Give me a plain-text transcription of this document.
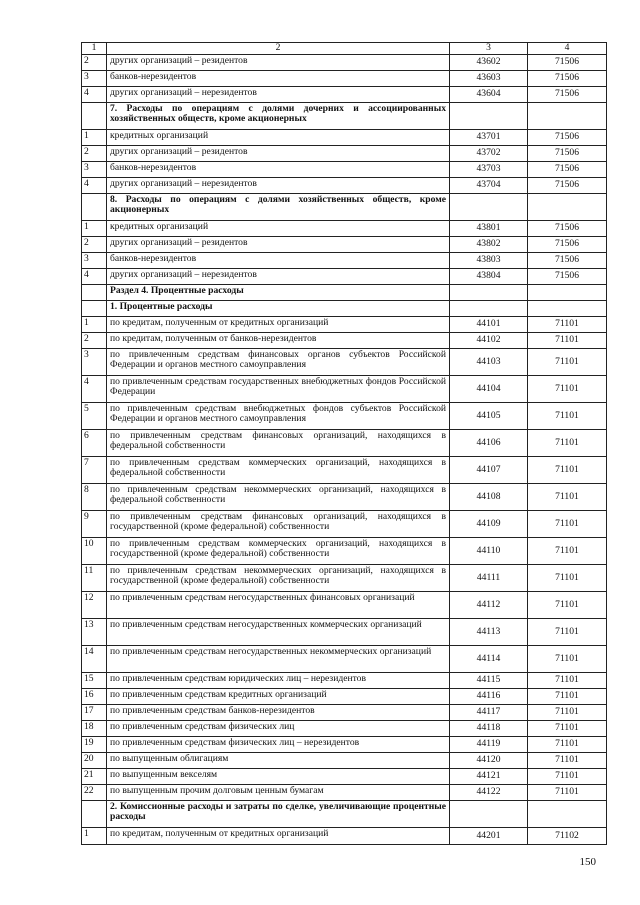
1	2	3	4
2	других организаций – резидентов	43602	71506
3	банков-нерезидентов	43603	71506
4	других организаций – нерезидентов	43604	71506
	7. Расходы по операциям с долями дочерних и ассоциированных хозяйственных обществ, кроме акционерных		
1	кредитных организаций	43701	71506
2	других организаций – резидентов	43702	71506
3	банков-нерезидентов	43703	71506
4	других организаций – нерезидентов	43704	71506
	8. Расходы по операциям с долями хозяйственных обществ, кроме акционерных		
1	кредитных организаций	43801	71506
2	других организаций – резидентов	43802	71506
3	банков-нерезидентов	43803	71506
4	других организаций – нерезидентов	43804	71506
	Раздел 4. Процентные расходы		
	1. Процентные расходы		
1	по кредитам, полученным от кредитных организаций	44101	71101
2	по кредитам, полученным от банков-нерезидентов	44102	71101
3	по привлеченным средствам финансовых органов субъектов Российской Федерации и органов местного самоуправления	44103	71101
4	по привлеченным средствам государственных внебюджетных фондов Российской Федерации	44104	71101
5	по привлеченным средствам внебюджетных фондов субъектов Российской Федерации и органов местного самоуправления	44105	71101
6	по привлеченным средствам финансовых организаций, находящихся в федеральной собственности	44106	71101
7	по привлеченным средствам коммерческих организаций, находящихся в федеральной собственности	44107	71101
8	по привлеченным средствам некоммерческих организаций, находящихся в федеральной собственности	44108	71101
9	по привлеченным средствам финансовых организаций, находящихся в государственной (кроме федеральной) собственности	44109	71101
10	по привлеченным средствам коммерческих организаций, находящихся в государственной (кроме федеральной) собственности	44110	71101
11	по привлеченным средствам некоммерческих организаций, находящихся в государственной (кроме федеральной) собственности	44111	71101
12	по привлеченным средствам негосударственных финансовых организаций	44112	71101
13	по привлеченным средствам негосударственных коммерческих организаций	44113	71101
14	по привлеченным средствам негосударственных некоммерческих организаций	44114	71101
15	по привлеченным средствам юридических лиц – нерезидентов	44115	71101
16	по привлеченным средствам кредитных организаций	44116	71101
17	по привлеченным средствам банков-нерезидентов	44117	71101
18	по привлеченным средствам физических лиц	44118	71101
19	по привлеченным средствам физических лиц – нерезидентов	44119	71101
20	по выпущенным облигациям	44120	71101
21	по выпущенным векселям	44121	71101
22	по выпущенным прочим долговым ценным бумагам	44122	71101
	2. Комиссионные расходы и затраты по сделке, увеличивающие процентные расходы		
1	по кредитам, полученным от кредитных организаций	44201	71102
150
